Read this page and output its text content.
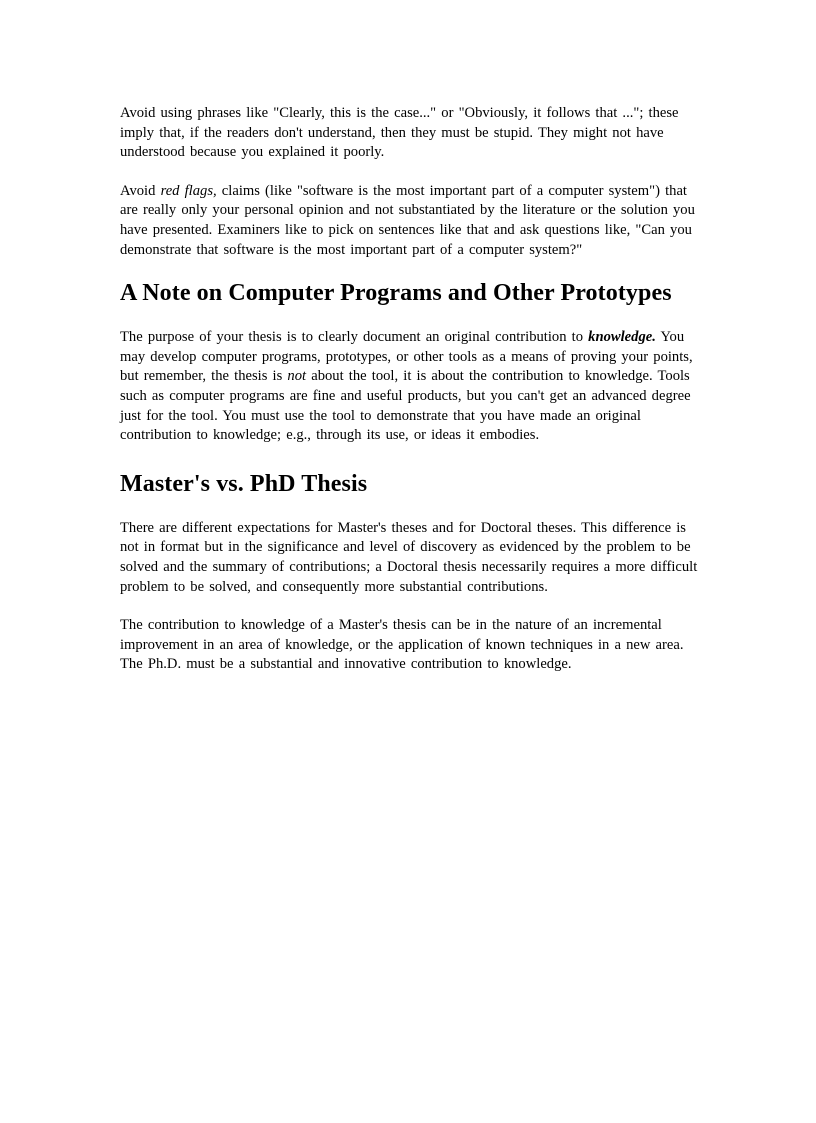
Avoid using phrases like "Clearly, this is the case..." or "Obviously, it follows that ..."; these imply that, if the readers don't understand, then they must be stupid. They might not have understood because you explained it poorly.

Avoid red flags, claims (like "software is the most important part of a computer system") that are really only your personal opinion and not substantiated by the literature or the solution you have presented. Examiners like to pick on sentences like that and ask questions like, "Can you demonstrate that software is the most important part of a computer system?"

A Note on Computer Programs and Other Prototypes

The purpose of your thesis is to clearly document an original contribution to knowledge. You may develop computer programs, prototypes, or other tools as a means of proving your points, but remember, the thesis is not about the tool, it is about the contribution to knowledge. Tools such as computer programs are fine and useful products, but you can't get an advanced degree just for the tool. You must use the tool to demonstrate that you have made an original contribution to knowledge; e.g., through its use, or ideas it embodies.

Master's vs. PhD Thesis

There are different expectations for Master's theses and for Doctoral theses. This difference is not in format but in the significance and level of discovery as evidenced by the problem to be solved and the summary of contributions; a Doctoral thesis necessarily requires a more difficult problem to be solved, and consequently more substantial contributions.

The contribution to knowledge of a Master's thesis can be in the nature of an incremental improvement in an area of knowledge, or the application of known techniques in a new area. The Ph.D. must be a substantial and innovative contribution to knowledge.
